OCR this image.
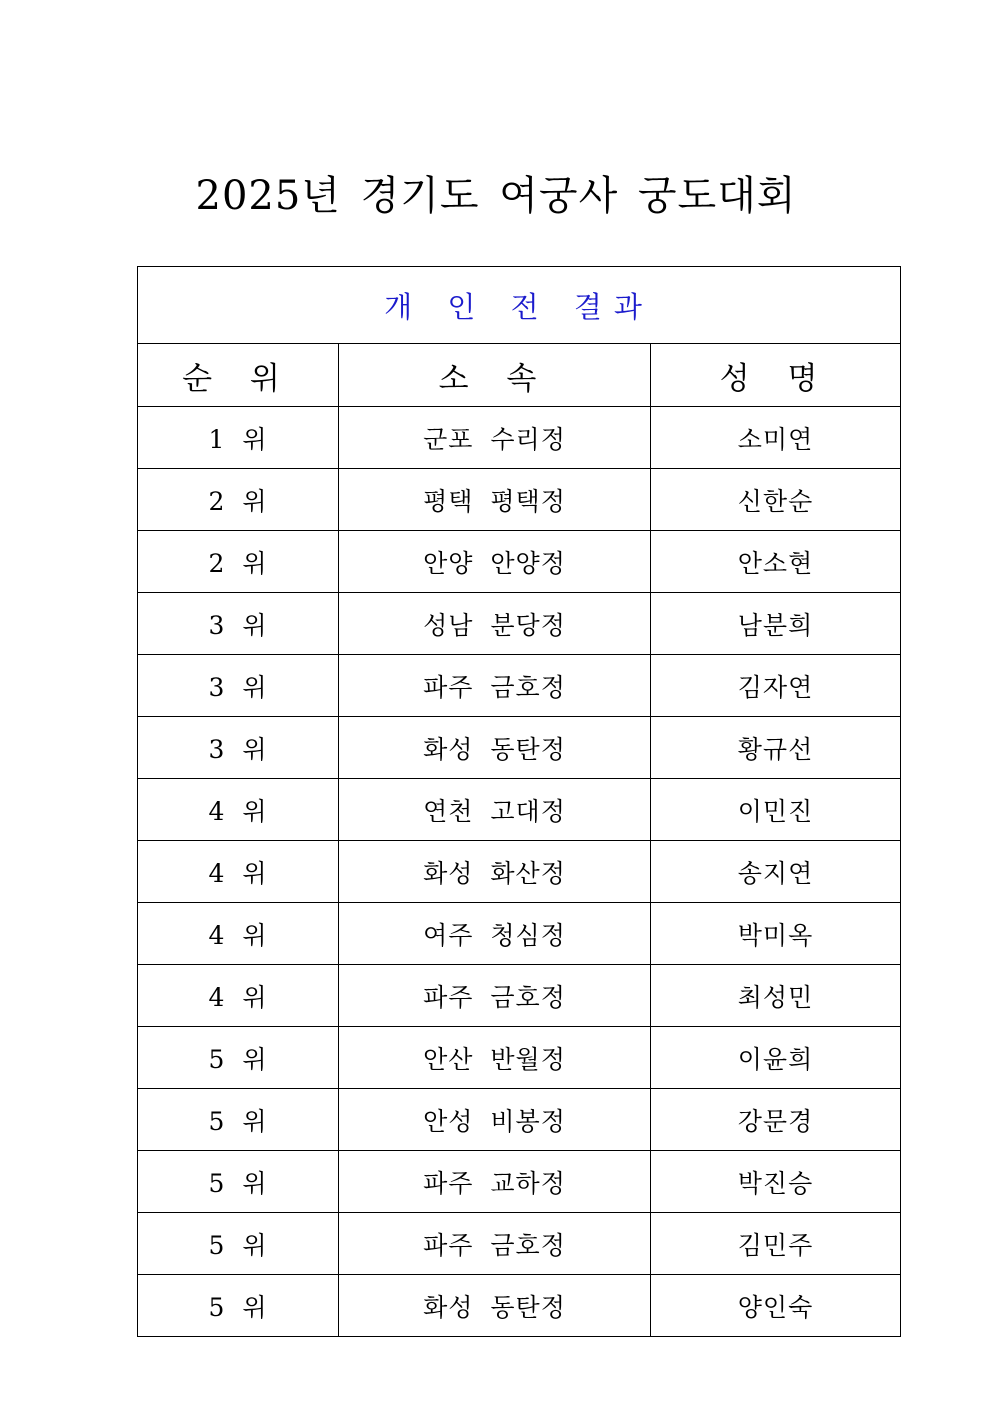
2025년 경기도 여궁사 궁도대회
개 인 전 결과		
순 위	소 속	성 명
1 위	군포 수리정	소미연
2 위	평택 평택정	신한순
2 위	안양 안양정	안소현
3 위	성남 분당정	남분희
3 위	파주 금호정	김자연
3 위	화성 동탄정	황규선
4 위	연천 고대정	이민진
4 위	화성 화산정	송지연
4 위	여주 청심정	박미옥
4 위	파주 금호정	최성민
5 위	안산 반월정	이윤희
5 위	안성 비봉정	강문경
5 위	파주 교하정	박진승
5 위	파주 금호정	김민주
5 위	화성 동탄정	양인숙
